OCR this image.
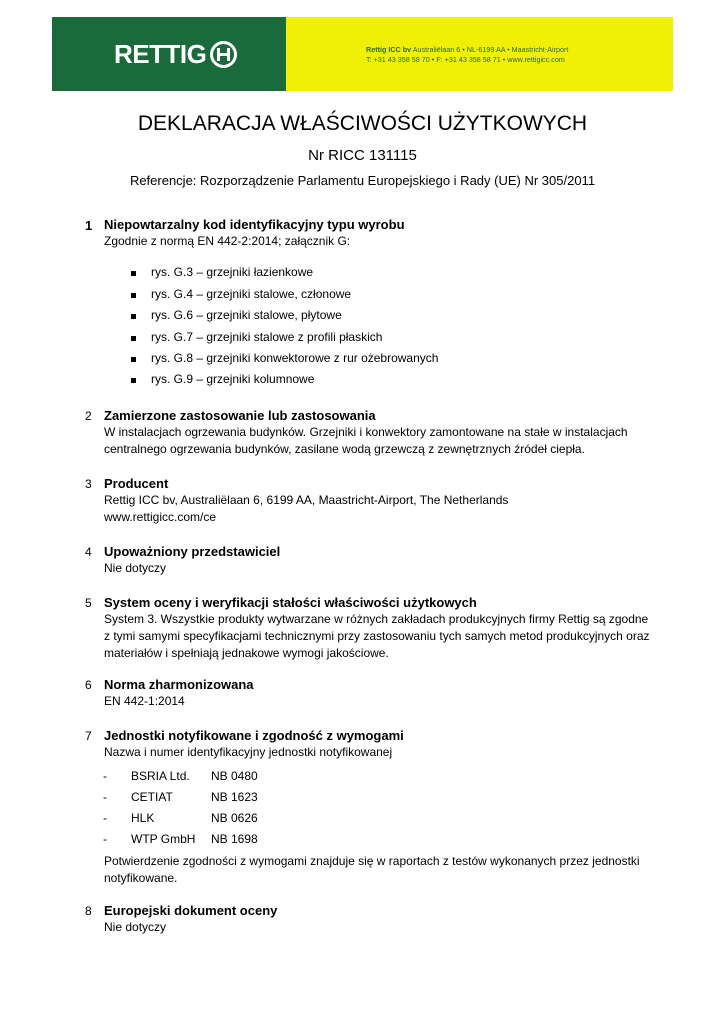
RETTIG	Rettig ICC bv Australiëlaan 6 • NL-6199 AA • Maastricht-Airport
T: +31 43 358 58 70 • F: +31 43 358 58 71 • www.rettigicc.com
DEKLARACJA WŁAŚCIWOŚCI UŻYTKOWYCH
Nr RICC 131115
Referencje: Rozporządzenie Parlamentu Europejskiego i Rady (UE) Nr 305/2011
1 Niepowtarzalny kod identyfikacyjny typu wyrobu
Zgodnie z normą EN 442-2:2014; załącznik G:
rys. G.3 – grzejniki łazienkowe
rys. G.4 – grzejniki stalowe, członowe
rys. G.6 – grzejniki stalowe, płytowe
rys. G.7 – grzejniki stalowe z profili płaskich
rys. G.8 – grzejniki konwektorowe z rur ożebrowanych
rys. G.9 – grzejniki kolumnowe
2 Zamierzone zastosowanie lub zastosowania
W instalacjach ogrzewania budynków. Grzejniki i konwektory zamontowane na stałe w instalacjach
centralnego ogrzewania budynków, zasilane wodą grzewczą z zewnętrznych źródeł ciepła.
3 Producent
Rettig ICC bv, Australiëlaan 6, 6199 AA, Maastricht-Airport, The Netherlands
www.rettigicc.com/ce
4 Upoważniony przedstawiciel
Nie dotyczy
5 System oceny i weryfikacji stałości właściwości użytkowych
System 3. Wszystkie produkty wytwarzane w różnych zakładach produkcyjnych firmy Rettig są zgodne
z tymi samymi specyfikacjami technicznymi przy zastosowaniu tych samych metod produkcyjnych oraz
materiałów i spełniają jednakowe wymogi jakościowe.
6 Norma zharmonizowana
EN 442-1:2014
7 Jednostki notyfikowane i zgodność z wymogami
Nazwa i numer identyfikacyjny jednostki notyfikowanej
- BSRIA Ltd. NB 0480
- CETIAT	NB 1623
- HLK	NB 0626
- WTP GmbH NB 1698
Potwierdzenie zgodności z wymogami znajduje się w raportach z testów wykonanych przez jednostki
notyfikowane.
8 Europejski dokument oceny
Nie dotyczy
